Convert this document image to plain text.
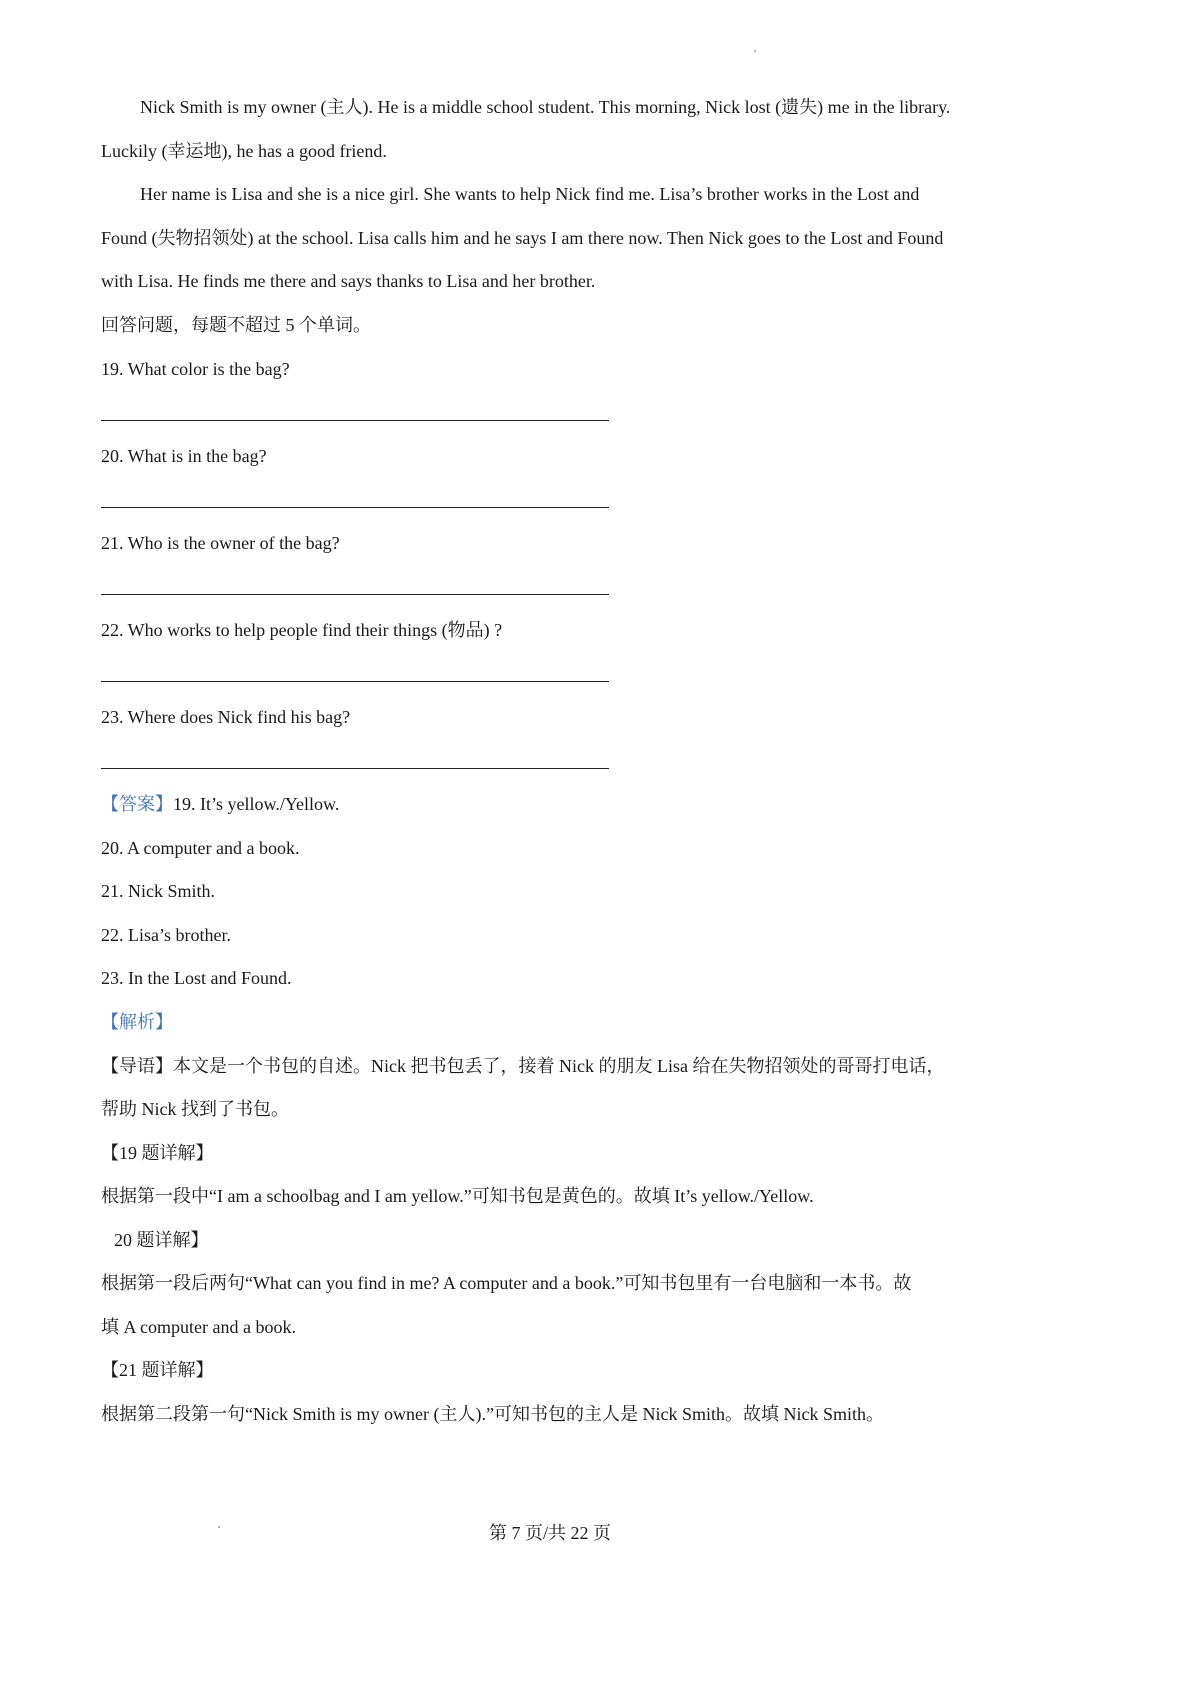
Nick Smith is my owner (主人). He is a middle school student. This morning, Nick lost (遗失) me in the library.
Luckily (幸运地), he has a good friend.
Her name is Lisa and she is a nice girl. She wants to help Nick find me. Lisa’s brother works in the Lost and
Found (失物招领处) at the school. Lisa calls him and he says I am there now. Then Nick goes to the Lost and Found
with Lisa. He finds me there and says thanks to Lisa and her brother.
回答问题，每题不超过 5 个单词。
19. What color is the bag?
20. What is in the bag?
21. Who is the owner of the bag?
22. Who works to help people find their things (物品) ?
23. Where does Nick find his bag?
【答案】19. It’s yellow./Yellow.
20. A computer and a book.
21. Nick Smith.
22. Lisa’s brother.
23. In the Lost and Found.
【解析】
【导语】本文是一个书包的自述。Nick 把书包丢了，接着 Nick 的朋友 Lisa 给在失物招领处的哥哥打电话，
帮助 Nick 找到了书包。
【19 题详解】
根据第一段中“I am a schoolbag and I am yellow.”可知书包是黄色的。故填 It’s yellow./Yellow.
20 题详解】
根据第一段后两句“What can you find in me? A computer and a book.”可知书包里有一台电脑和一本书。故
填 A computer and a book.
【21 题详解】
根据第二段第一句“Nick Smith is my owner (主人).”可知书包的主人是 Nick Smith。故填 Nick Smith。
第 7 页/共 22 页
